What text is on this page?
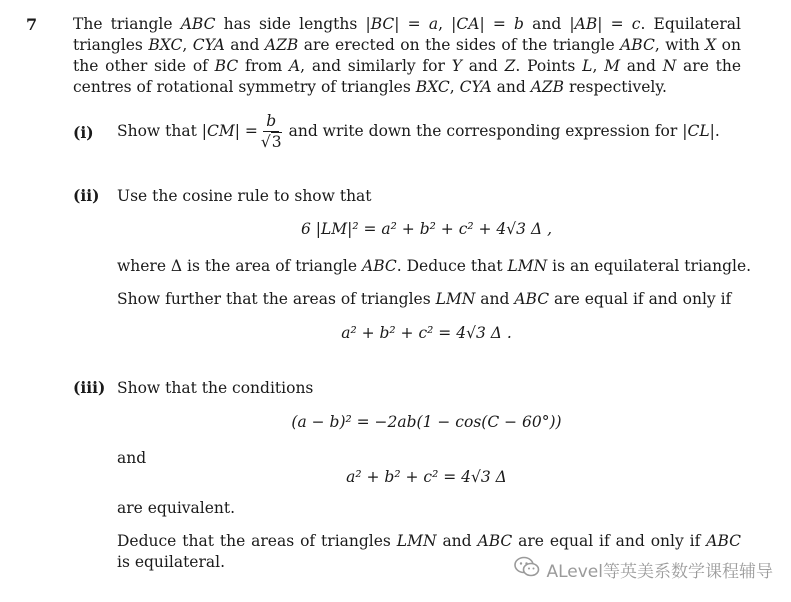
7 The triangle ABC has side lengths |BC| = a, |CA| = b and |AB| = c. Equilateral triangles BXC, CYA and AZB are erected on the sides of the triangle ABC, with X on the other side of BC from A, and similarly for Y and Z. Points L, M and N are the centres of rotational symmetry of triangles BXC, CYA and AZB respectively.
(i) Show that | CM | = $\frac{b}{√3}$ and write down the corresponding expression for | CL |.
(ii) Use the cosine rule to show that
6 |LM|² = a² + b² + c² + 4√3 Δ ,
where Δ is the area of triangle ABC. Deduce that LMN is an equilateral triangle.
Show further that the areas of triangles LMN and ABC are equal if and only if
a² + b² + c² = 4√3 Δ .
(iii) Show that the conditions
(a − b)² = −2ab(1 − cos(C − 60°))
and
a² + b² + c² = 4√3 Δ
are equivalent.
Deduce that the areas of triangles LMN and ABC are equal if and only if ABC is equilateral.	ALevel等英美系数学课程辅导
